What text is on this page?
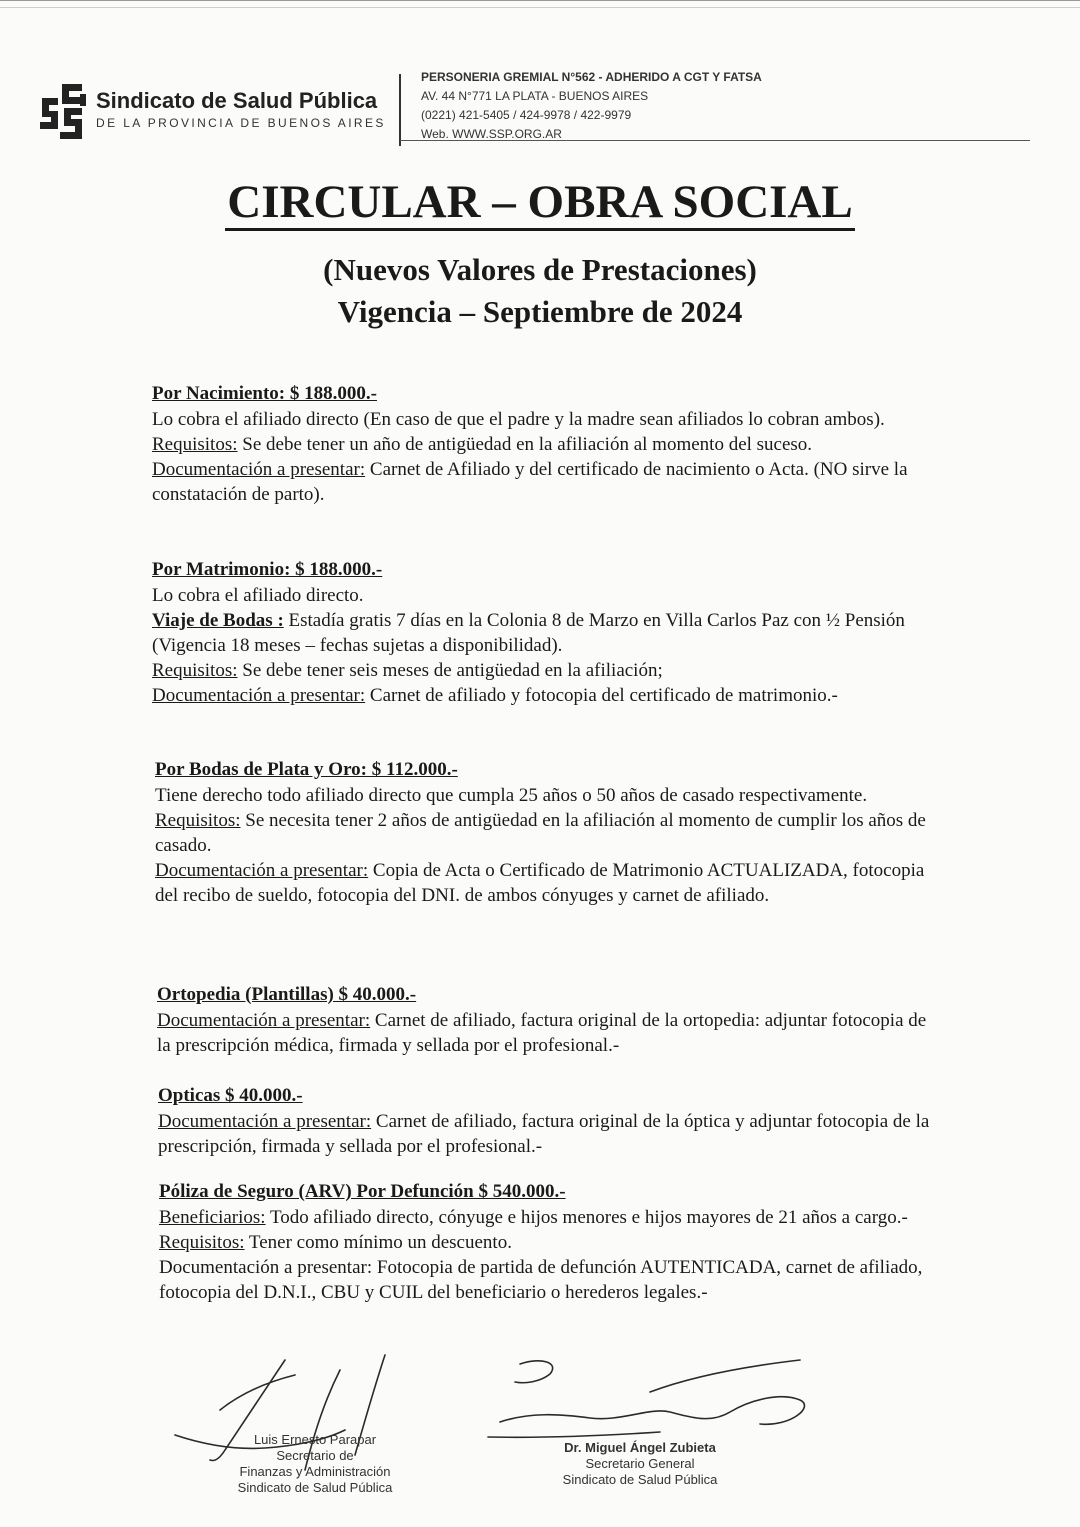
Sindicato de Salud Pública
DE LA PROVINCIA DE BUENOS AIRES
PERSONERIA GREMIAL N°562 - ADHERIDO A CGT Y FATSA
AV. 44 N°771 LA PLATA - BUENOS AIRES
(0221) 421-5405 / 424-9978 / 422-9979
Web. WWW.SSP.ORG.AR
CIRCULAR – OBRA SOCIAL
(Nuevos Valores de Prestaciones)
Vigencia – Septiembre de 2024
Por Nacimiento: $ 188.000.-

Lo cobra el afiliado directo (En caso de que el padre y la madre sean afiliados lo cobran ambos).

Requisitos: Se debe tener un año de antigüedad en la afiliación al momento del suceso.

Documentación a presentar: Carnet de Afiliado y del certificado de nacimiento o Acta. (NO sirve la constatación de parto).

Por Matrimonio: $ 188.000.-

Lo cobra el afiliado directo.

Viaje de Bodas : Estadía gratis 7 días en la Colonia 8 de Marzo en Villa Carlos Paz con ½ Pensión (Vigencia 18 meses – fechas sujetas a disponibilidad).

Requisitos: Se debe tener seis meses de antigüedad en la afiliación;

Documentación a presentar: Carnet de afiliado y fotocopia del certificado de matrimonio.-

Por Bodas de Plata y Oro: $ 112.000.-

Tiene derecho todo afiliado directo que cumpla 25 años o 50 años de casado respectivamente.

Requisitos: Se necesita tener 2 años de antigüedad en la afiliación al momento de cumplir los años de casado.

Documentación a presentar: Copia de Acta o Certificado de Matrimonio ACTUALIZADA, fotocopia del recibo de sueldo, fotocopia del DNI. de ambos cónyuges y carnet de afiliado.

Ortopedia (Plantillas) $ 40.000.-

Documentación a presentar: Carnet de afiliado, factura original de la ortopedia: adjuntar fotocopia de la prescripción médica, firmada y sellada por el profesional.-

Opticas $ 40.000.-

Documentación a presentar: Carnet de afiliado, factura original de la óptica y adjuntar fotocopia de la prescripción, firmada y sellada por el profesional.-

Póliza de Seguro (ARV) Por Defunción $ 540.000.-

Beneficiarios: Todo afiliado directo, cónyuge e hijos menores e hijos mayores de 21 años a cargo.-

Requisitos: Tener como mínimo un descuento.

Documentación a presentar: Fotocopia de partida de defunción AUTENTICADA, carnet de afiliado, fotocopia del D.N.I., CBU y CUIL del beneficiario o herederos legales.-

Luis Ernesto Parapar
Secretario de
Finanzas y Administración
Sindicato de Salud Pública
Dr. Miguel Ángel Zubieta
Secretario General
Sindicato de Salud Pública
